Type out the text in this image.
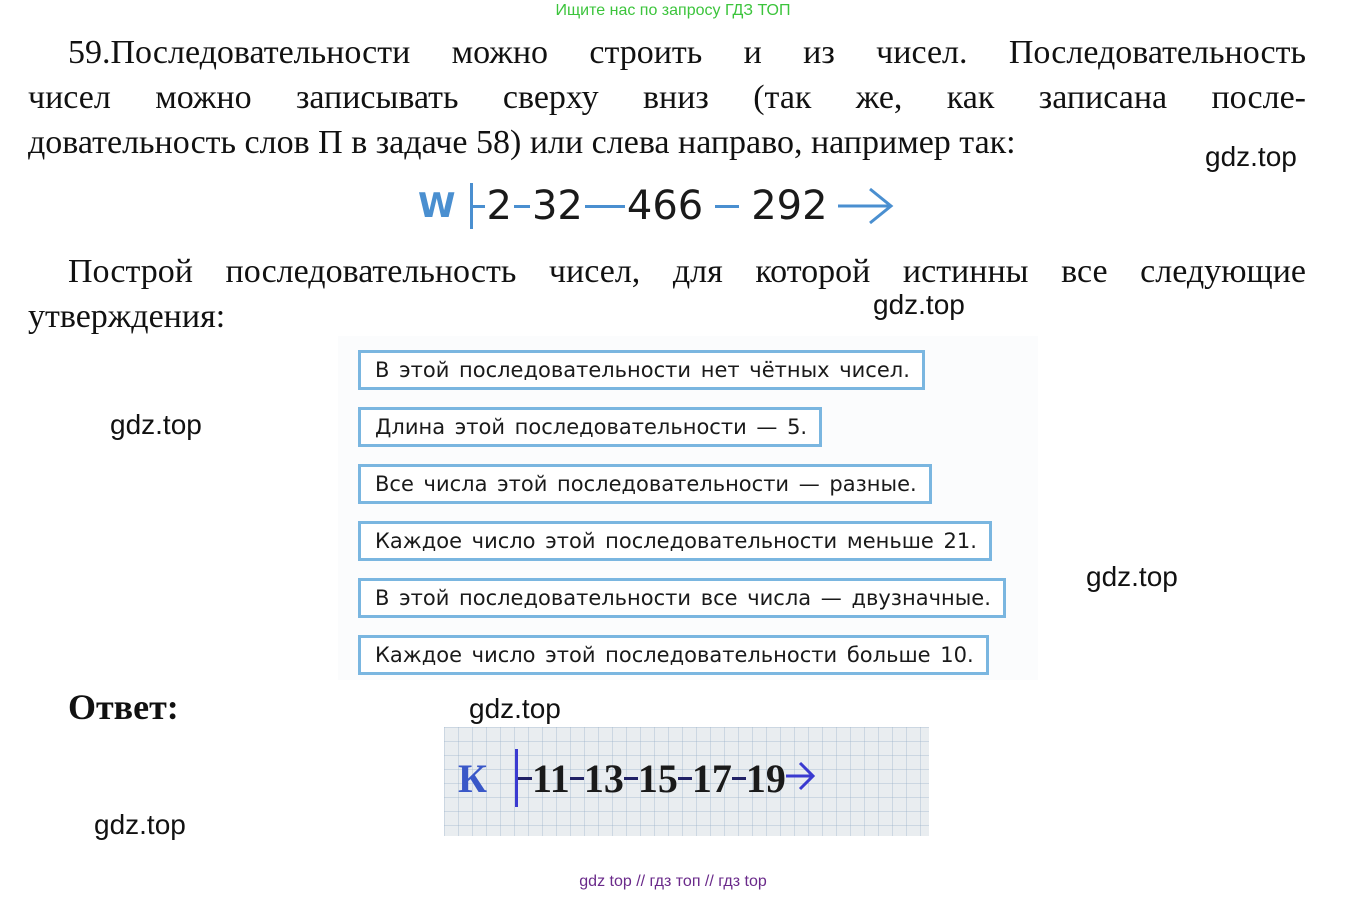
Ищите нас по запросу ГДЗ ТОП
59.Последовательности можно строить и из чисел. Последовательность
чисел можно записывать сверху вниз (так же, как записана после-
довательность слов П в задаче 58) или слева направо, например так:	gdz.top
W 2 32 466 292
Построй последовательность чисел, для которой истинны все следующие
утверждения:	gdz.top
gdz.top
gdz.top
В этой последовательности нет чётных чисел.
Длина этой последовательности — 5.
Все числа этой последовательности — разные.
Каждое число этой последовательности меньше 21.
В этой последовательности все числа — двузначные.
Каждое число этой последовательности больше 10.
Ответ:	gdz.top
К 11 13 15 17 19
gdz.top
gdz top // гдз топ // гдз top
